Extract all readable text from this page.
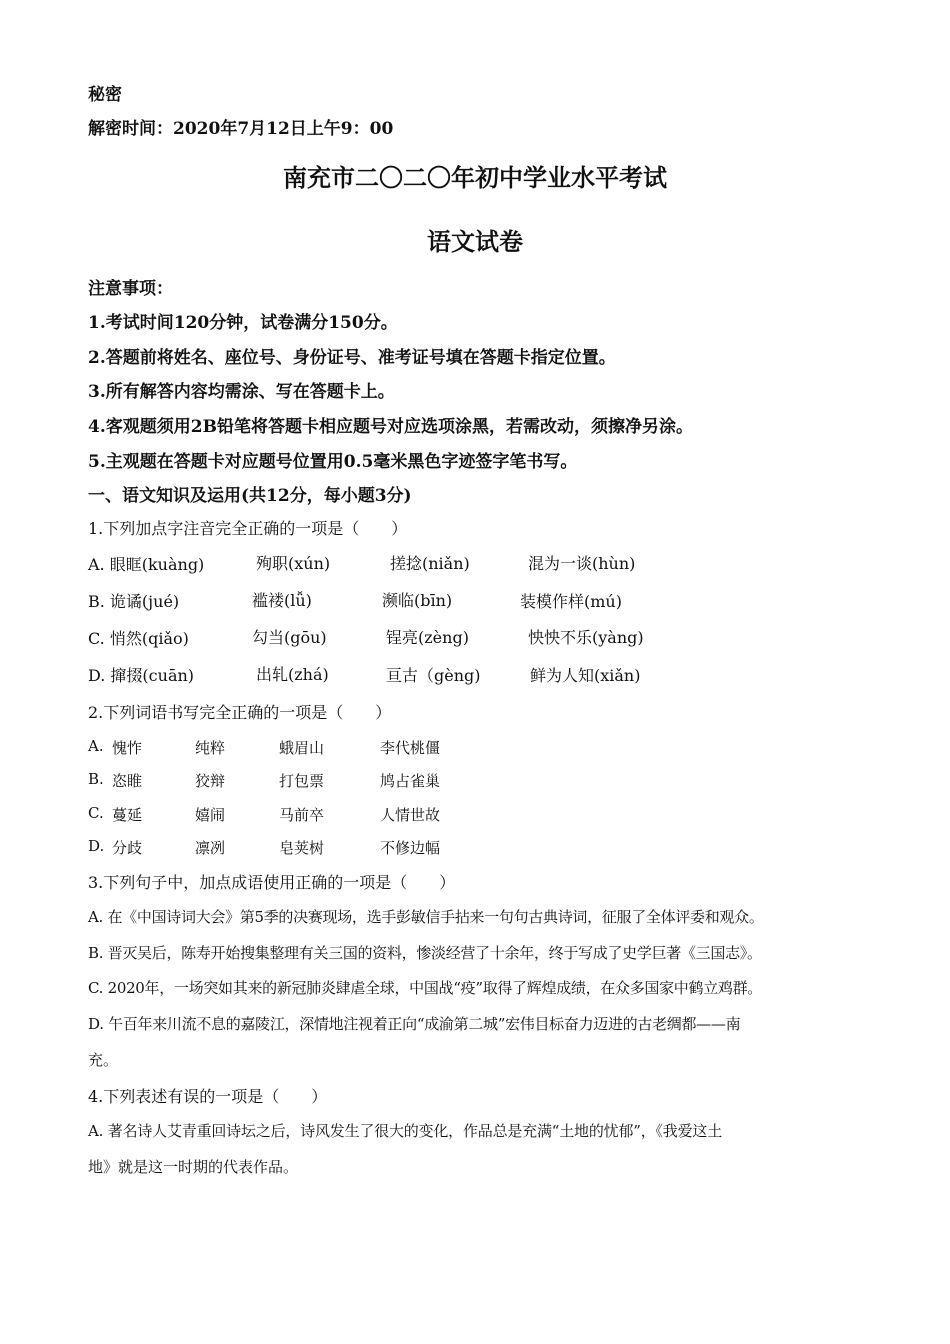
秘密
解密时间：2020年7月12日上午9：00
南充市二〇二〇年初中学业水平考试
语文试卷
注意事项：
1.考试时间120分钟，试卷满分150分。
2.答题前将姓名、座位号、身份证号、准考证号填在答题卡指定位置。
3.所有解答内容均需涂、写在答题卡上。
4.客观题须用2B铅笔将答题卡相应题号对应选项涂黑，若需改动，须擦净另涂。
5.主观题在答题卡对应题号位置用0.5毫米黑色字迹签字笔书写。
一、语文知识及运用(共12分，每小题3分)
1.下列加点字注音完全正确的一项是（　　）
A. 眼眶(kuàng)	殉职(xún)	搓捻(niǎn)	混为一谈(hùn)
B. 诡谲(jué)	褴褛(lǚ)	濒临(bīn)	装模作样(mú)
C. 悄然(qiǎo)	勾当(gōu)	锃亮(zèng)	怏怏不乐(yàng)
D. 撺掇(cuān)	出轧(zhá)	亘古（gèng)	鲜为人知(xiǎn)
2.下列词语书写完全正确的一项是（　　）
A. 愧怍	纯粹	蛾眉山	李代桃僵
B. 恣睢	狡辩	打包票	鸠占雀巢
C. 蔓延	嬉闹	马前卒	人情世故
D. 分歧	凛冽	皂荚树	不修边幅
3.下列句子中，加点成语使用正确的一项是（　　）
A. 在《中国诗词大会》第5季的决赛现场，选手彭敏信手拈来一句句古典诗词，征服了全体评委和观众。
B. 晋灭吴后，陈寿开始搜集整理有关三国的资料，惨淡经营了十余年，终于写成了史学巨著《三国志》。
C. 2020年，一场突如其来的新冠肺炎肆虐全球，中国战“疫”取得了辉煌成绩，在众多国家中鹤立鸡群。
D. 午百年来川流不息的嘉陵江，深情地注视着正向“成渝第二城”宏伟目标奋力迈进的古老绸都——南
充。
4.下列表述有误的一项是（　　）
A. 著名诗人艾青重回诗坛之后，诗风发生了很大的变化，作品总是充满“土地的忧郁”，《我爱这土
地》就是这一时期的代表作品。
